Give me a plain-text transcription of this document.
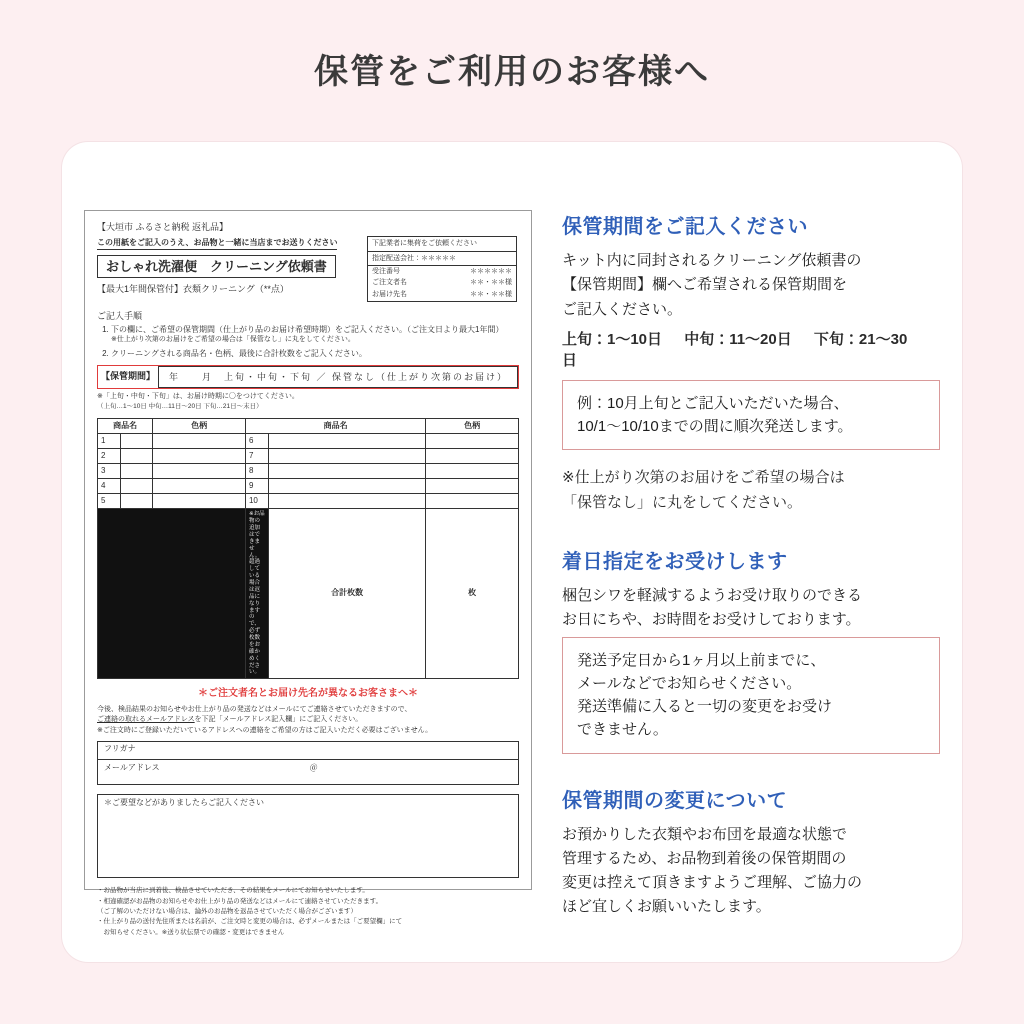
保管をご利用のお客様へ
【大垣市 ふるさと納税 返礼品】
この用紙をご記入のうえ、お品物と一緒に当店までお送りください おしゃれ洗濯便　クリーニング依頼書
【最大1年間保管付】衣類クリーニング（**点）
下記業者に集荷をご依頼ください
指定配送会社：＊＊＊＊＊
受注番号	＊＊＊＊＊＊
ご注文者名	＊＊・＊＊様
お届け先名	＊＊・＊＊様
ご記入手順
1. 下の欄に、ご希望の保管期間（仕上がり品のお届け希望時期）をご記入ください。（ご注文日より最大1年間）
※仕上がり次第のお届けをご希望の場合は「保管なし」に丸をしてください。
2. クリーニングされる商品名・色柄、最後に合計枚数をご記入ください。
【保管期間】	年　　月　上旬・中旬・下旬 ／ 保管なし（仕上がり次第のお届け）
※「上旬・中旬・下旬」は、お届け時期に〇をつけてください。
（上旬…1～10日 中旬…11日～20日 下旬…21日～末日）
商品名		色柄	商品名		色柄
1			6		
2			7		
3			8		
4			9		
5			10		

			※お品物の追加はできません。超過している場合は返品になりますので、必ず枚数をお確かめください。	合計枚数	枚
＊ご注文者名とお届け先名が異なるお客さまへ＊
今後、検品結果のお知らせやお仕上がり品の発送などはメールにてご連絡させていただきますので、
ご連絡の取れるメールアドレスを下記「メールアドレス記入欄」にご記入ください。
※ご注文時にご登録いただいているアドレスへの連絡をご希望の方はご記入いただく必要はございません。
フリガナ
メールアドレス	＠
＊ご要望などがありましたらご記入ください
・お品物が当店に到着後、検品させていただき、その結果をメールにてお知らせいたします。
・相違確認がお品物のお知らせやお仕上がり品の発送などはメールにて連絡させていただきます。
（ご了解のいただけない場合は、論外のお品物を返品させていただく場合がございます）
・仕上がり品の送付先住所または名前が、ご注文時と変更の場合は、必ずメールまたは「ご要望欄」にて
　お知らせください。※送り状伝票での確認・変更はできません
保管期間をご記入ください

キット内に同封されるクリーニング依頼書の
【保管期間】欄へご希望される保管期間を
ご記入ください。

上旬：1～10日 中旬：11～20日 下旬：21～30日
例：10月上旬とご記入いただいた場合、
10/1～10/10までの間に順次発送します。

※仕上がり次第のお届けをご希望の場合は
「保管なし」に丸をしてください。

着日指定をお受けします

梱包シワを軽減するようお受け取りのできる
お日にちや、お時間をお受けしております。

発送予定日から1ヶ月以上前までに、
メールなどでお知らせください。
発送準備に入ると一切の変更をお受け
できません。
保管期間の変更について

お預かりした衣類やお布団を最適な状態で
管理するため、お品物到着後の保管期間の
変更は控えて頂きますようご理解、ご協力の
ほど宜しくお願いいたします。
